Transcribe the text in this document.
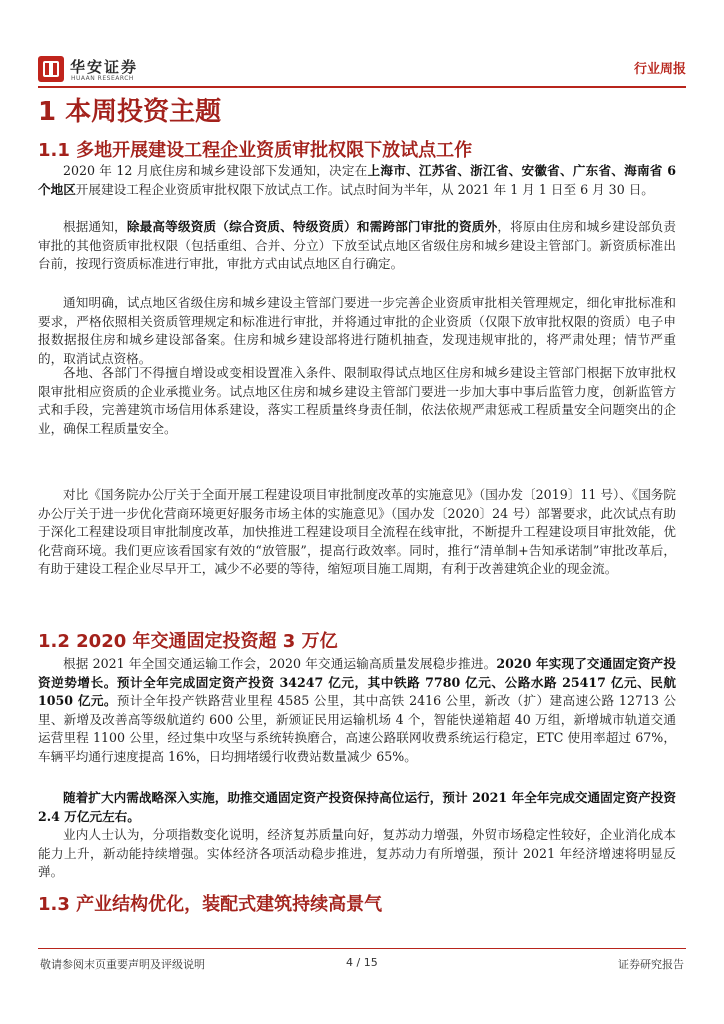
华安证券
HUAAN RESEARCH
行业周报
1 本周投资主题
1.1 多地开展建设工程企业资质审批权限下放试点工作

2020 年 12 月底住房和城乡建设部下发通知，决定在上海市、江苏省、浙江省、安徽省、广东省、海南省 6 个地区开展建设工程企业资质审批权限下放试点工作。试点时间为半年，从 2021 年 1 月 1 日至 6 月 30 日。

根据通知，除最高等级资质（综合资质、特级资质）和需跨部门审批的资质外，将原由住房和城乡建设部负责审批的其他资质审批权限（包括重组、合并、分立）下放至试点地区省级住房和城乡建设主管部门。新资质标准出台前，按现行资质标准进行审批，审批方式由试点地区自行确定。

通知明确，试点地区省级住房和城乡建设主管部门要进一步完善企业资质审批相关管理规定，细化审批标准和要求，严格依照相关资质管理规定和标准进行审批，并将通过审批的企业资质（仅限下放审批权限的资质）电子申报数据报住房和城乡建设部备案。住房和城乡建设部将进行随机抽查，发现违规审批的，将严肃处理；情节严重的，取消试点资格。

各地、各部门不得擅自增设或变相设置准入条件、限制取得试点地区住房和城乡建设主管部门根据下放审批权限审批相应资质的企业承揽业务。试点地区住房和城乡建设主管部门要进一步加大事中事后监管力度，创新监管方式和手段，完善建筑市场信用体系建设，落实工程质量终身责任制，依法依规严肃惩戒工程质量安全问题突出的企业，确保工程质量安全。

对比《国务院办公厅关于全面开展工程建设项目审批制度改革的实施意见》（国办发〔2019〕11 号）、《国务院办公厅关于进一步优化营商环境更好服务市场主体的实施意见》（国办发〔2020〕24 号）部署要求，此次试点有助于深化工程建设项目审批制度改革，加快推进工程建设项目全流程在线审批，不断提升工程建设项目审批效能，优化营商环境。我们更应该看国家有效的“放管服”，提高行政效率。同时，推行“清单制+告知承诺制”审批改革后，有助于建设工程企业尽早开工，减少不必要的等待，缩短项目施工周期，有利于改善建筑企业的现金流。

1.2 2020 年交通固定投资超 3 万亿

根据 2021 年全国交通运输工作会，2020 年交通运输高质量发展稳步推进。2020 年实现了交通固定资产投资逆势增长。预计全年完成固定资产投资 34247 亿元，其中铁路 7780 亿元、公路水路 25417 亿元、民航 1050 亿元。预计全年投产铁路营业里程 4585 公里，其中高铁 2416 公里，新改（扩）建高速公路 12713 公里、新增及改善高等级航道约 600 公里，新颁证民用运输机场 4 个，智能快递箱超 40 万组，新增城市轨道交通运营里程 1100 公里，经过集中攻坚与系统转换磨合，高速公路联网收费系统运行稳定，ETC 使用率超过 67%，车辆平均通行速度提高 16%，日均拥堵缓行收费站数量减少 65%。

随着扩大内需战略深入实施，助推交通固定资产投资保持高位运行，预计 2021 年全年完成交通固定资产投资 2.4 万亿元左右。

业内人士认为，分项指数变化说明，经济复苏质量向好，复苏动力增强，外贸市场稳定性较好，企业消化成本能力上升，新动能持续增强。实体经济各项活动稳步推进，复苏动力有所增强，预计 2021 年经济增速将明显反弹。

1.3 产业结构优化，装配式建筑持续高景气
敬请参阅末页重要声明及评级说明	4 / 15	证券研究报告
